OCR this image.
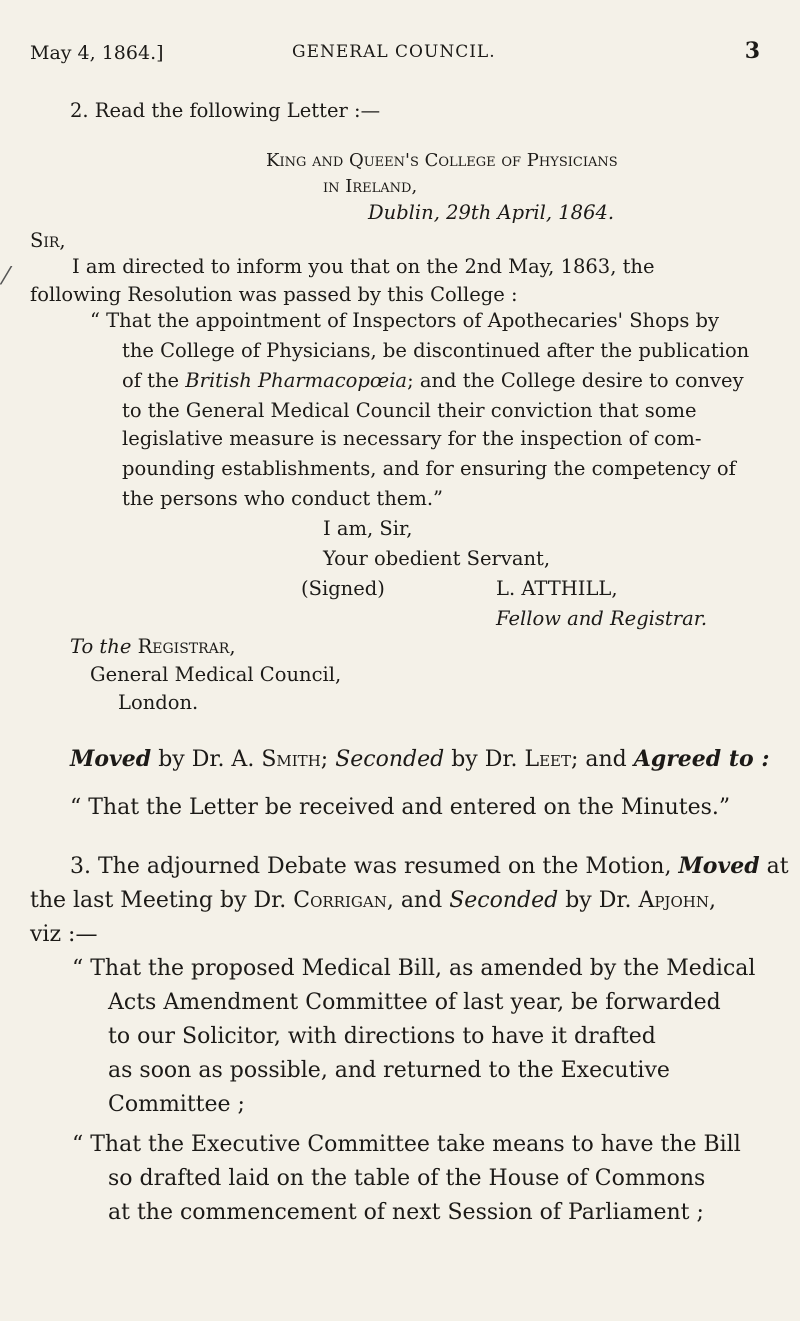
May 4, 1864.]	GENERAL COUNCIL.	3
2. Read the following Letter :—
King and Queen's College of Physicians
in Ireland,
Dublin, 29th April, 1864.
Sir,
I am directed to inform you that on the 2nd May, 1863, the
following Resolution was passed by this College :
⁄
“ That the appointment of Inspectors of Apothecaries' Shops by
the College of Physicians, be discontinued after the publication
of the British Pharmacopœia; and the College desire to convey
to the General Medical Council their conviction that some
legislative measure is necessary for the inspection of com-
pounding establishments, and for ensuring the competency of
the persons who conduct them.”
I am, Sir,
Your obedient Servant,
(Signed)	L. ATTHILL,
Fellow and Registrar.
To the Registrar,
General Medical Council,
London.
Moved by Dr. A. Smith; Seconded by Dr. Leet; and Agreed to :
“ That the Letter be received and entered on the Minutes.”
3. The adjourned Debate was resumed on the Motion, Moved at
the last Meeting by Dr. Corrigan, and Seconded by Dr. Apjohn,
viz :—
“ That the proposed Medical Bill, as amended by the Medical
Acts Amendment Committee of last year, be forwarded
to our Solicitor, with directions to have it drafted
as soon as possible, and returned to the Executive
Committee ;
“ That the Executive Committee take means to have the Bill
so drafted laid on the table of the House of Commons
at the commencement of next Session of Parliament ;
